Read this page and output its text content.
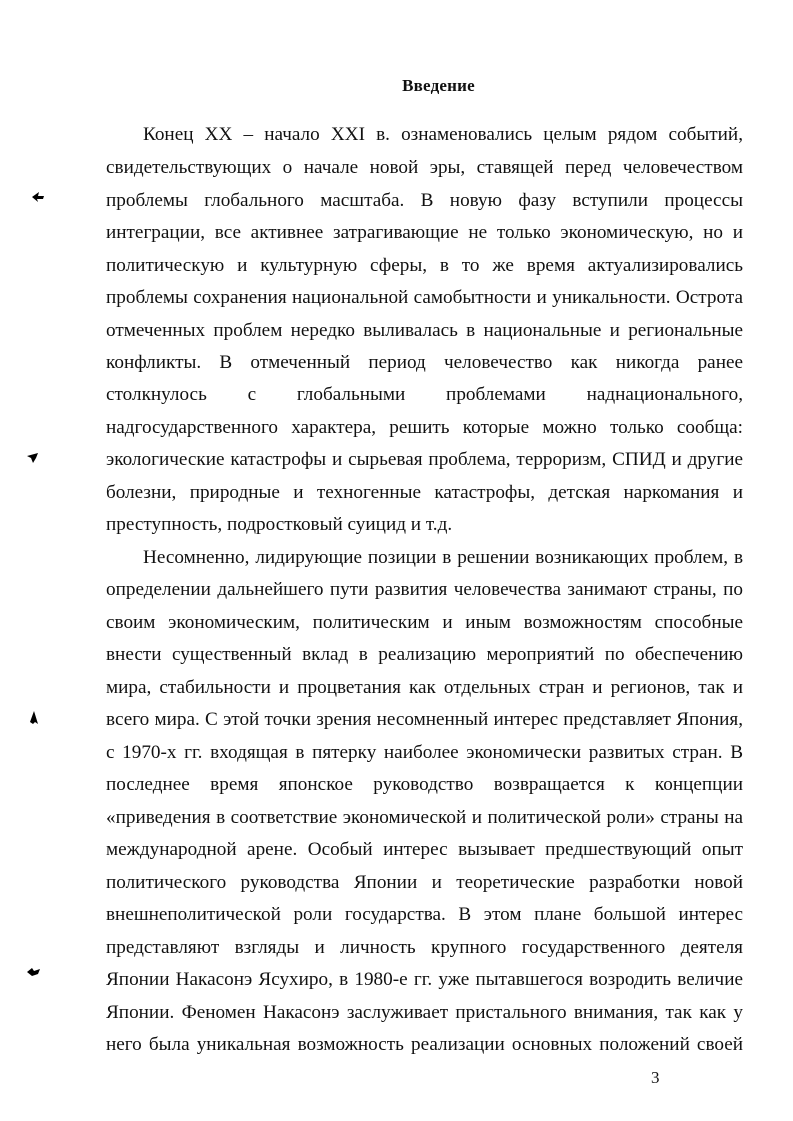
Введение
Конец XX – начало XXI в. ознаменовались целым рядом событий,
свидетельствующих о начале новой эры, ставящей перед человечеством
проблемы глобального масштаба. В новую фазу вступили процессы
интеграции, все активнее затрагивающие не только экономическую, но и
политическую и культурную сферы, в то же время актуализировались
проблемы сохранения национальной самобытности и уникальности. Острота
отмеченных проблем нередко выливалась в национальные и региональные
конфликты. В отмеченный период человечество как никогда ранее
столкнулось с глобальными проблемами наднационального,
надгосударственного характера, решить которые можно только сообща:
экологические катастрофы и сырьевая проблема, терроризм, СПИД и другие
болезни, природные и техногенные катастрофы, детская наркомания и
преступность, подростковый суицид и т.д.
Несомненно, лидирующие позиции в решении возникающих проблем, в
определении дальнейшего пути развития человечества занимают страны, по
своим экономическим, политическим и иным возможностям способные
внести существенный вклад в реализацию мероприятий по обеспечению
мира, стабильности и процветания как отдельных стран и регионов, так и
всего мира. С этой точки зрения несомненный интерес представляет Япония,
с 1970-х гг. входящая в пятерку наиболее экономически развитых стран. В
последнее время японское руководство возвращается к концепции
«приведения в соответствие экономической и политической роли» страны на
международной арене. Особый интерес вызывает предшествующий опыт
политического руководства Японии и теоретические разработки новой
внешнеполитической роли государства. В этом плане большой интерес
представляют взгляды и личность крупного государственного деятеля
Японии Накасонэ Ясухиро, в 1980-е гг. уже пытавшегося возродить величие
Японии. Феномен Накасонэ заслуживает пристального внимания, так как у
него была уникальная возможность реализации основных положений своей
3
